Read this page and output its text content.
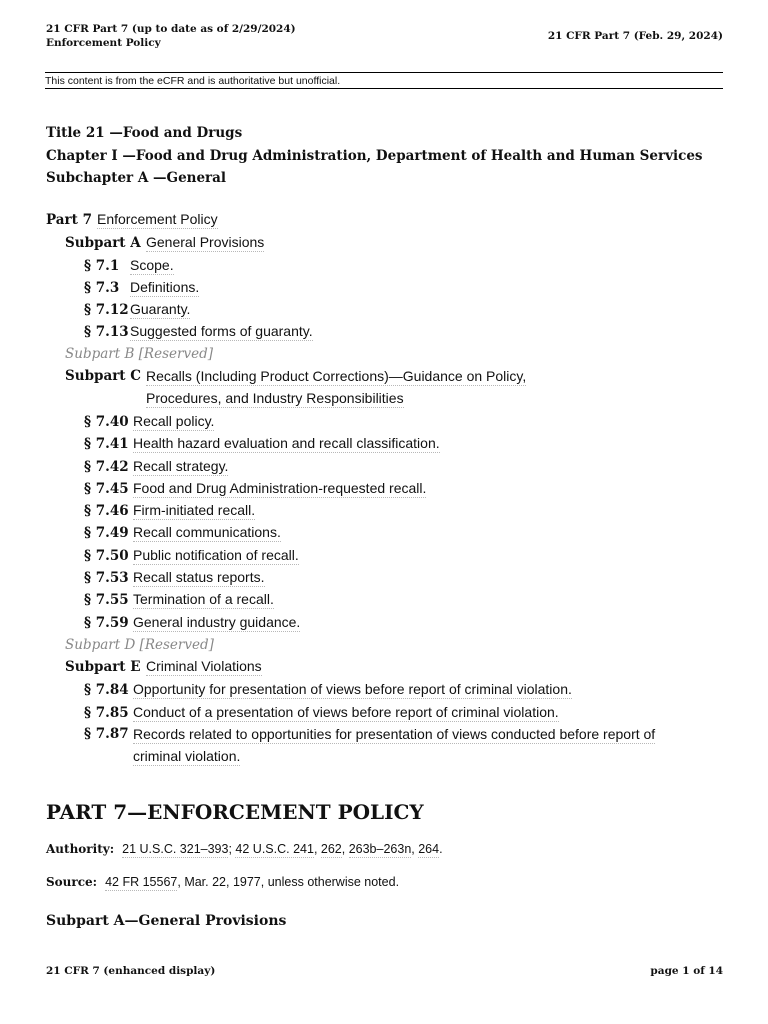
21 CFR Part 7 (up to date as of 2/29/2024)
Enforcement Policy
21 CFR Part 7 (Feb. 29, 2024)
This content is from the eCFR and is authoritative but unofficial.
Title 21 —Food and Drugs
Chapter I —Food and Drug Administration, Department of Health and Human Services
Subchapter A —General
Part 7 Enforcement Policy
Subpart A General Provisions
§ 7.1 Scope.
§ 7.3 Definitions.
§ 7.12Guaranty.
§ 7.13Suggested forms of guaranty.
Subpart B [Reserved]
Subpart C Recalls (Including Product Corrections)—Guidance on Policy,
Procedures, and Industry Responsibilities
§ 7.40 Recall policy.
§ 7.41 Health hazard evaluation and recall classification.
§ 7.42 Recall strategy.
§ 7.45 Food and Drug Administration-requested recall.
§ 7.46 Firm-initiated recall.
§ 7.49 Recall communications.
§ 7.50 Public notification of recall.
§ 7.53 Recall status reports.
§ 7.55 Termination of a recall.
§ 7.59 General industry guidance.
Subpart D [Reserved]
Subpart E Criminal Violations
§ 7.84 Opportunity for presentation of views before report of criminal violation.
§ 7.85 Conduct of a presentation of views before report of criminal violation.
§ 7.87 Records related to opportunities for presentation of views conducted before report of
criminal violation.
PART 7—ENFORCEMENT POLICY
Authority: 21 U.S.C. 321–393; 42 U.S.C. 241, 262, 263b–263n, 264.
Source: 42 FR 15567, Mar. 22, 1977, unless otherwise noted.
Subpart A—General Provisions
21 CFR 7 (enhanced display)	page 1 of 14
